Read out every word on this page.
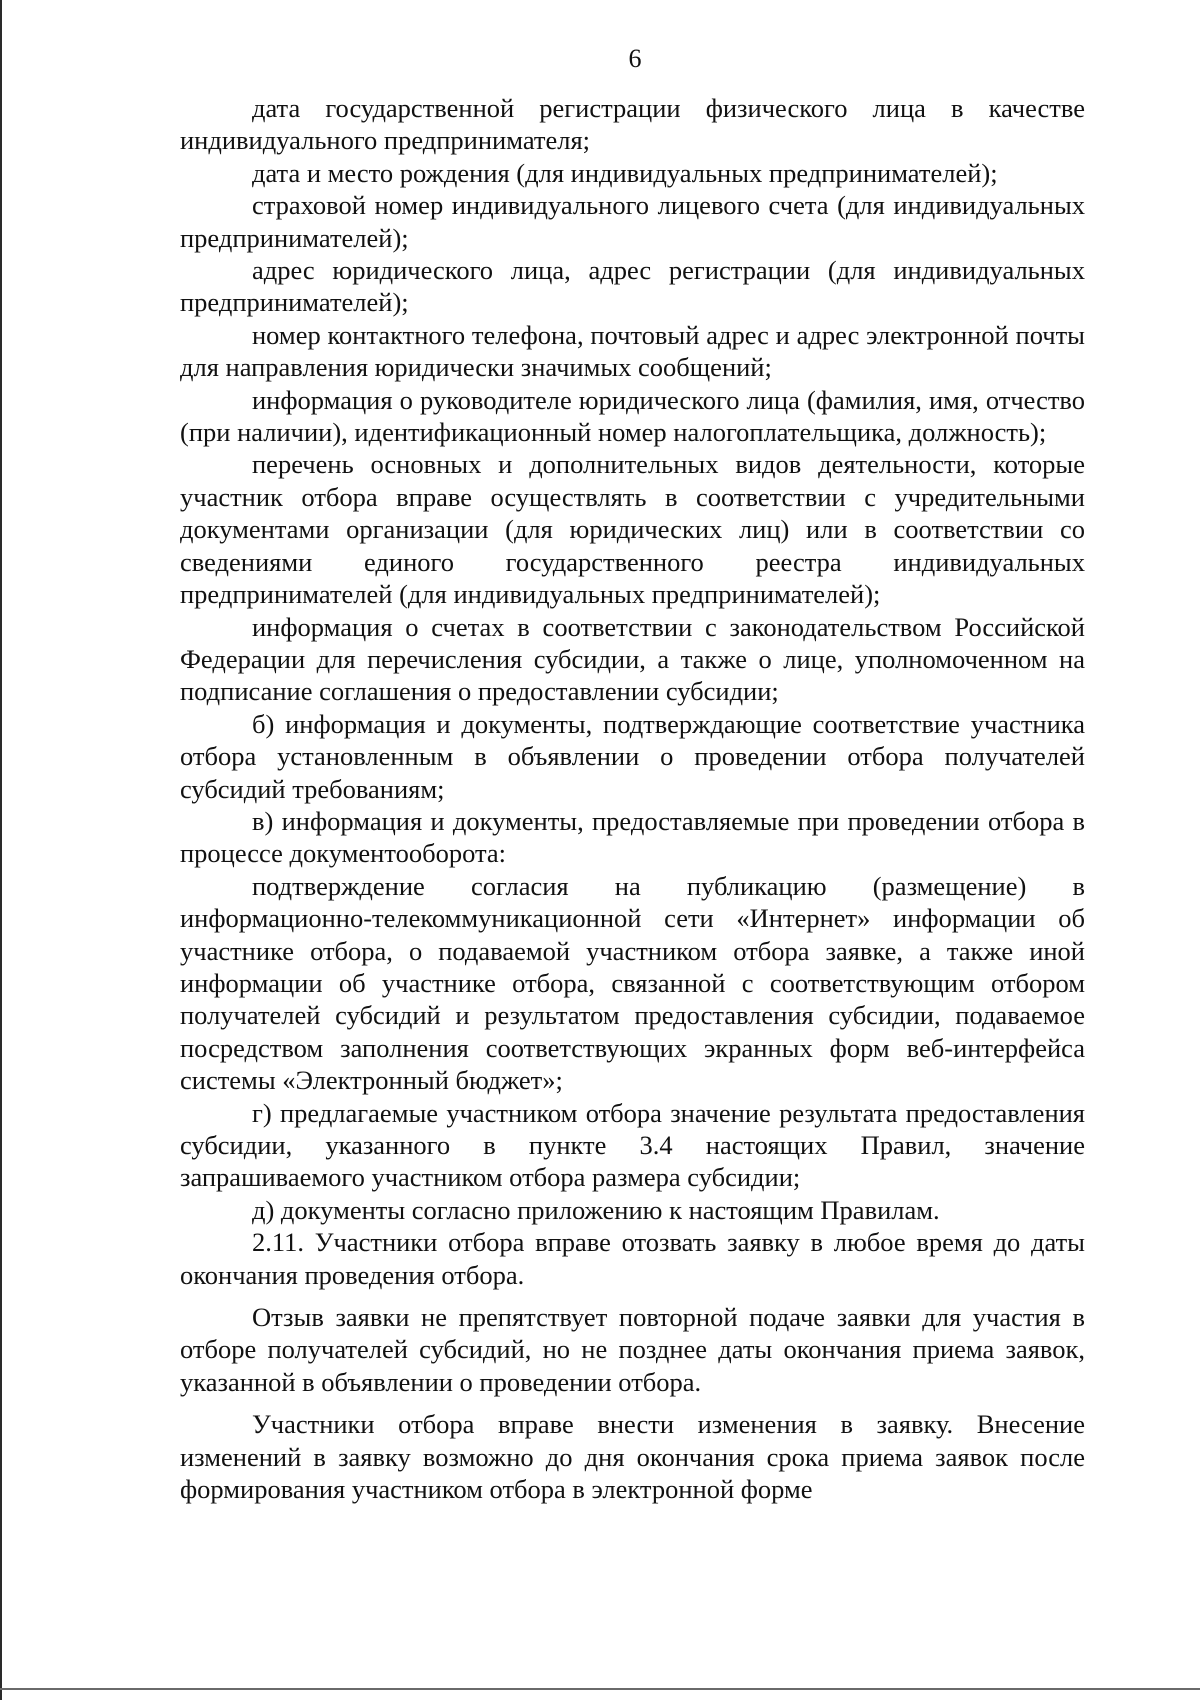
6

дата государственной регистрации физического лица в качестве индивидуального предпринимателя;

дата и место рождения (для индивидуальных предпринимателей);

страховой номер индивидуального лицевого счета (для индивидуальных предпринимателей);

адрес юридического лица, адрес регистрации (для индивидуальных предпринимателей);

номер контактного телефона, почтовый адрес и адрес электронной почты для направления юридически значимых сообщений;

информация о руководителе юридического лица (фамилия, имя, отчество (при наличии), идентификационный номер налогоплательщика, должность);

перечень основных и дополнительных видов деятельности, которые участник отбора вправе осуществлять в соответствии с учредительными документами организации (для юридических лиц) или в соответствии со сведениями единого государственного реестра индивидуальных предпринимателей (для индивидуальных предпринимателей);

информация о счетах в соответствии с законодательством Российской Федерации для перечисления субсидии, а также о лице, уполномоченном на подписание соглашения о предоставлении субсидии;

б) информация и документы, подтверждающие соответствие участника отбора установленным в объявлении о проведении отбора получателей субсидий требованиям;

в) информация и документы, предоставляемые при проведении отбора в процессе документооборота:

подтверждение согласия на публикацию (размещение) в информационно-телекоммуникационной сети «Интернет» информации об участнике отбора, о подаваемой участником отбора заявке, а также иной информации об участнике отбора, связанной с соответствующим отбором получателей субсидий и результатом предоставления субсидии, подаваемое посредством заполнения соответствующих экранных форм веб-интерфейса системы «Электронный бюджет»;

г) предлагаемые участником отбора значение результата предоставления субсидии, указанного в пункте 3.4 настоящих Правил, значение запрашиваемого участником отбора размера субсидии;

д) документы согласно приложению к настоящим Правилам.

2.11. Участники отбора вправе отозвать заявку в любое время до даты окончания проведения отбора.

Отзыв заявки не препятствует повторной подаче заявки для участия в отборе получателей субсидий, но не позднее даты окончания приема заявок, указанной в объявлении о проведении отбора.

Участники отбора вправе внести изменения в заявку. Внесение изменений в заявку возможно до дня окончания срока приема заявок после формирования участником отбора в электронной форме
